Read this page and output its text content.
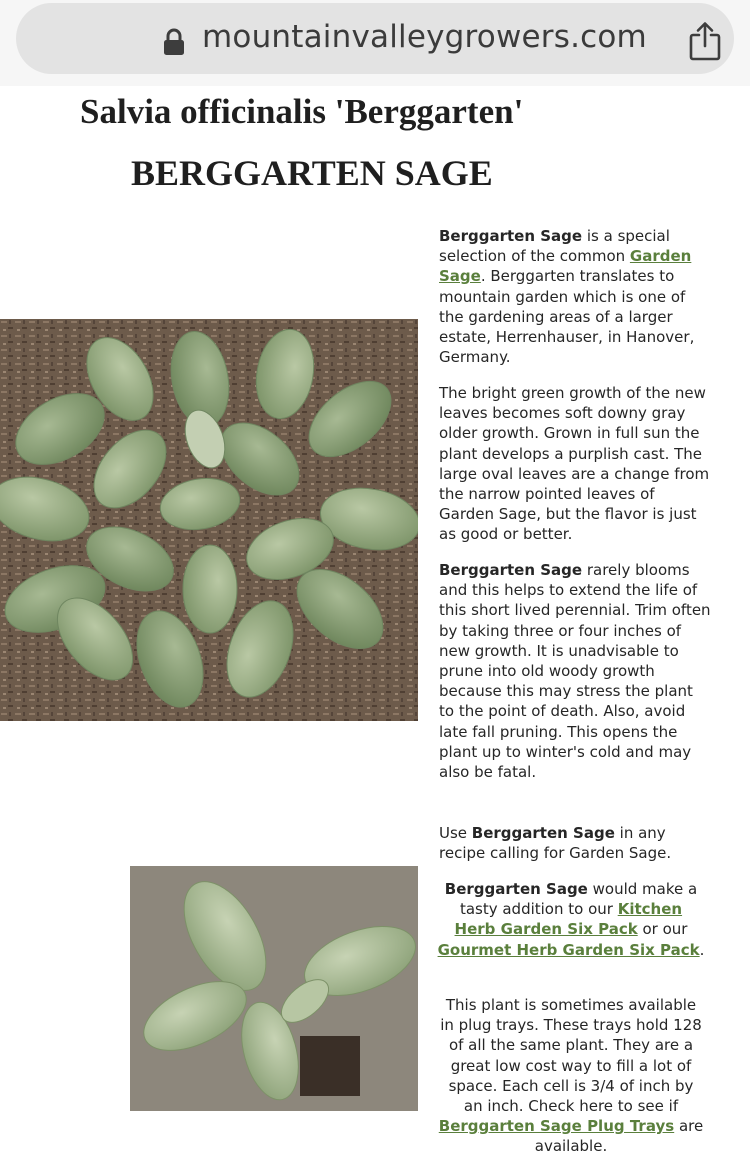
mountainvalleygrowers.com
Salvia officinalis 'Berggarten'
BERGGARTEN SAGE

Berggarten Sage is a special selection of the common Garden Sage. Berggarten translates to mountain garden which is one of the gardening areas of a larger estate, Herrenhauser, in Hanover, Germany.

The bright green growth of the new leaves becomes soft downy gray older growth. Grown in full sun the plant develops a purplish cast. The large oval leaves are a change from the narrow pointed leaves of Garden Sage, but the flavor is just as good or better.

Berggarten Sage rarely blooms and this helps to extend the life of this short lived perennial. Trim often by taking three or four inches of new growth. It is unadvisable to prune into old woody growth because this may stress the plant to the point of death. Also, avoid late fall pruning. This opens the plant up to winter's cold and may also be fatal.

Use Berggarten Sage in any recipe calling for Garden Sage.

Berggarten Sage would make a tasty addition to our Kitchen Herb Garden Six Pack or our Gourmet Herb Garden Six Pack.

This plant is sometimes available in plug trays. These trays hold 128 of all the same plant. They are a great low cost way to fill a lot of space. Each cell is 3/4 of inch by an inch. Check here to see if Berggarten Sage Plug Trays are available.
